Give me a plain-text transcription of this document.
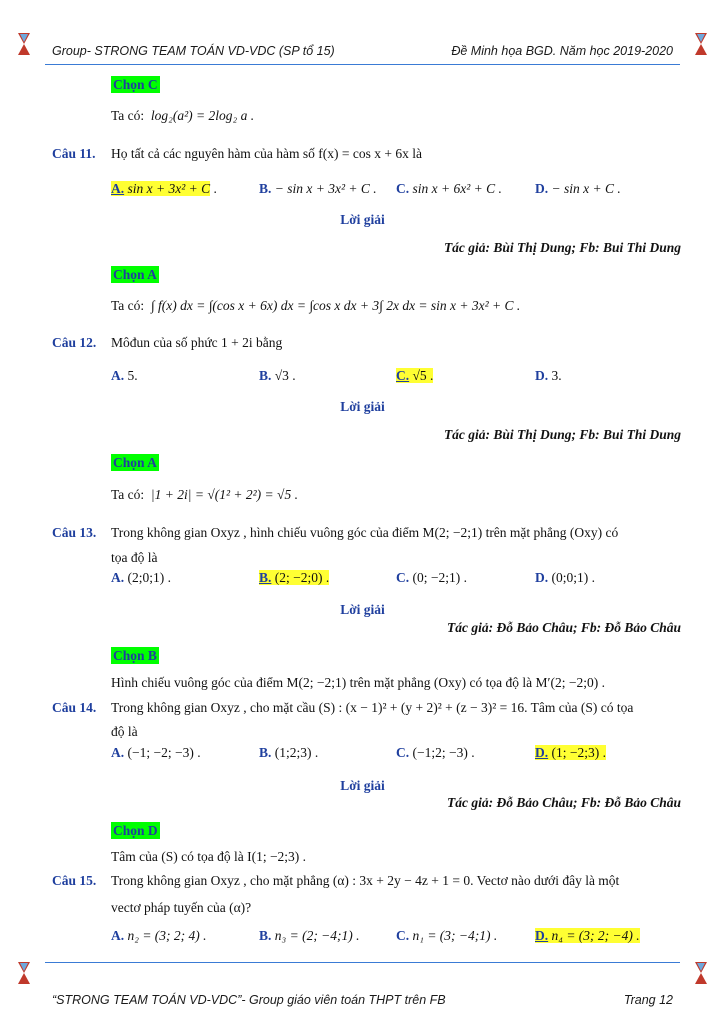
Group- STRONG TEAM TOÁN VD-VDC (SP tổ 15)	Đề Minh họa BGD. Năm học 2019-2020
Chọn C
Ta có: log₂(a²) = 2log₂ a .
Câu 11. Họ tất cả các nguyên hàm của hàm số f(x) = cos x + 6x là
A. sin x + 3x² + C .	B. − sin x + 3x² + C . C. sin x + 6x² + C . D. − sin x + C .
Lời giải
Tác giả: Bùi Thị Dung; Fb: Bui Thi Dung
Chọn A
Ta có: ∫ f(x) dx = ∫(cos x + 6x) dx = ∫cos x dx + 3∫ 2x dx = sin x + 3x² + C .
Câu 12. Môđun của số phức 1 + 2i bằng
A. 5.	B. √3 .	C. √5 .	D. 3.
Lời giải
Tác giả: Bùi Thị Dung; Fb: Bui Thi Dung
Chọn A
Ta có: |1 + 2i| = √(1² + 2²) = √5 .
Câu 13. Trong không gian Oxyz , hình chiếu vuông góc của điểm M(2; −2;1) trên mặt phẳng (Oxy) có
tọa độ là
A. (2;0;1) .	B. (2; −2;0) .	C. (0; −2;1) .	D. (0;0;1) .
Lời giải
Tác giả: Đỗ Bảo Châu; Fb: Đỗ Bảo Châu
Chọn B
Hình chiếu vuông góc của điểm M(2; −2;1) trên mặt phẳng (Oxy) có tọa độ là M′(2; −2;0) .
Câu 14. Trong không gian Oxyz , cho mặt cầu (S) : (x − 1)² + (y + 2)² + (z − 3)² = 16. Tâm của (S) có tọa
độ là
A. (−1; −2; −3) .	B. (1;2;3) .	C. (−1;2; −3) .	D. (1; −2;3) .
Lời giải
Tác giả: Đỗ Bảo Châu; Fb: Đỗ Bảo Châu
Chọn D
Tâm của (S) có tọa độ là I(1; −2;3) .
Câu 15. Trong không gian Oxyz , cho mặt phẳng (α) : 3x + 2y − 4z + 1 = 0. Vectơ nào dưới đây là một
vectơ pháp tuyến của (α)?
A. n₂ = (3; 2; 4) .	B. n₃ = (2; −4;1) .	C. n₁ = (3; −4;1) .	D. n₄ = (3; 2; −4) .
“STRONG TEAM TOÁN VD-VDC”- Group giáo viên toán THPT trên FB	Trang 12
